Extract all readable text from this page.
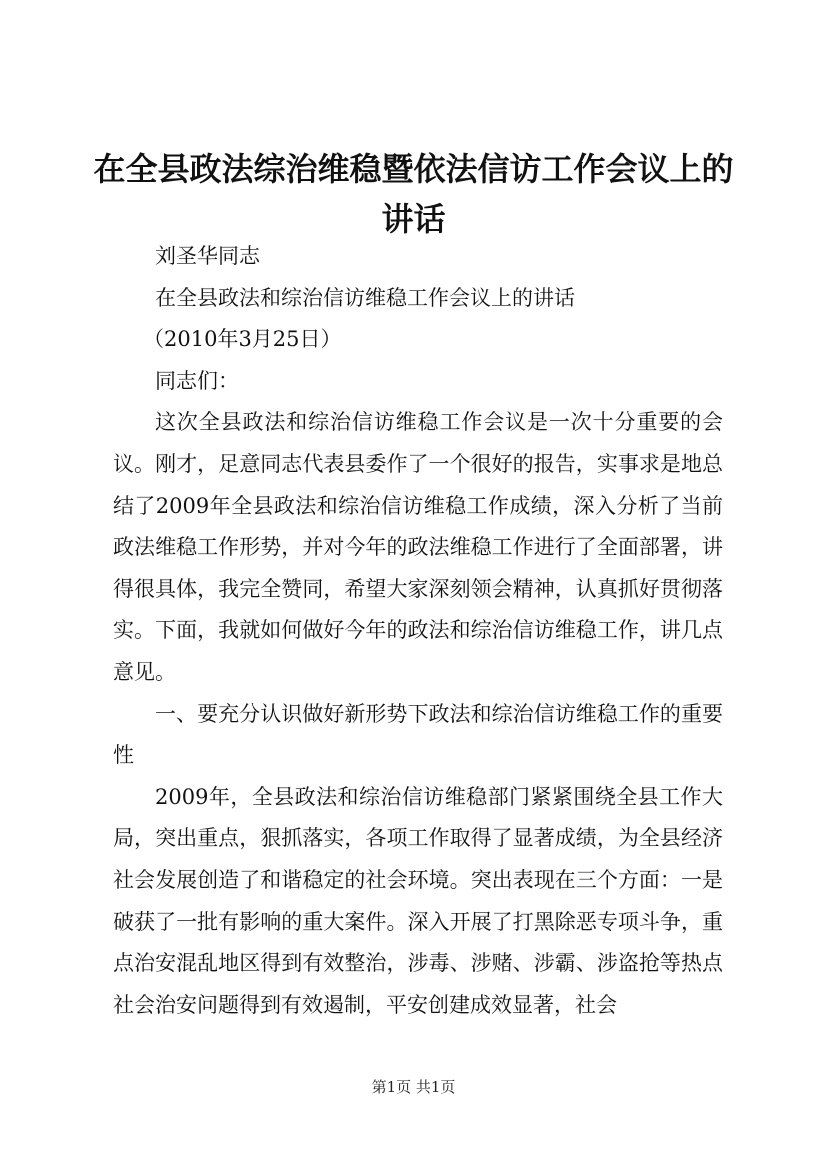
在全县政法综治维稳暨依法信访工作会议上的讲话

刘圣华同志

在全县政法和综治信访维稳工作会议上的讲话

（2010年3月25日）

同志们：

这次全县政法和综治信访维稳工作会议是一次十分重要的会议。刚才，足意同志代表县委作了一个很好的报告，实事求是地总结了2009年全县政法和综治信访维稳工作成绩，深入分析了当前政法维稳工作形势，并对今年的政法维稳工作进行了全面部署，讲得很具体，我完全赞同，希望大家深刻领会精神，认真抓好贯彻落实。下面，我就如何做好今年的政法和综治信访维稳工作，讲几点意见。

一、要充分认识做好新形势下政法和综治信访维稳工作的重要性

2009年，全县政法和综治信访维稳部门紧紧围绕全县工作大局，突出重点，狠抓落实，各项工作取得了显著成绩，为全县经济社会发展创造了和谐稳定的社会环境。突出表现在三个方面：一是破获了一批有影响的重大案件。深入开展了打黑除恶专项斗争，重点治安混乱地区得到有效整治，涉毒、涉赌、涉霸、涉盗抢等热点社会治安问题得到有效遏制，平安创建成效显著，社会

第1页 共1页
